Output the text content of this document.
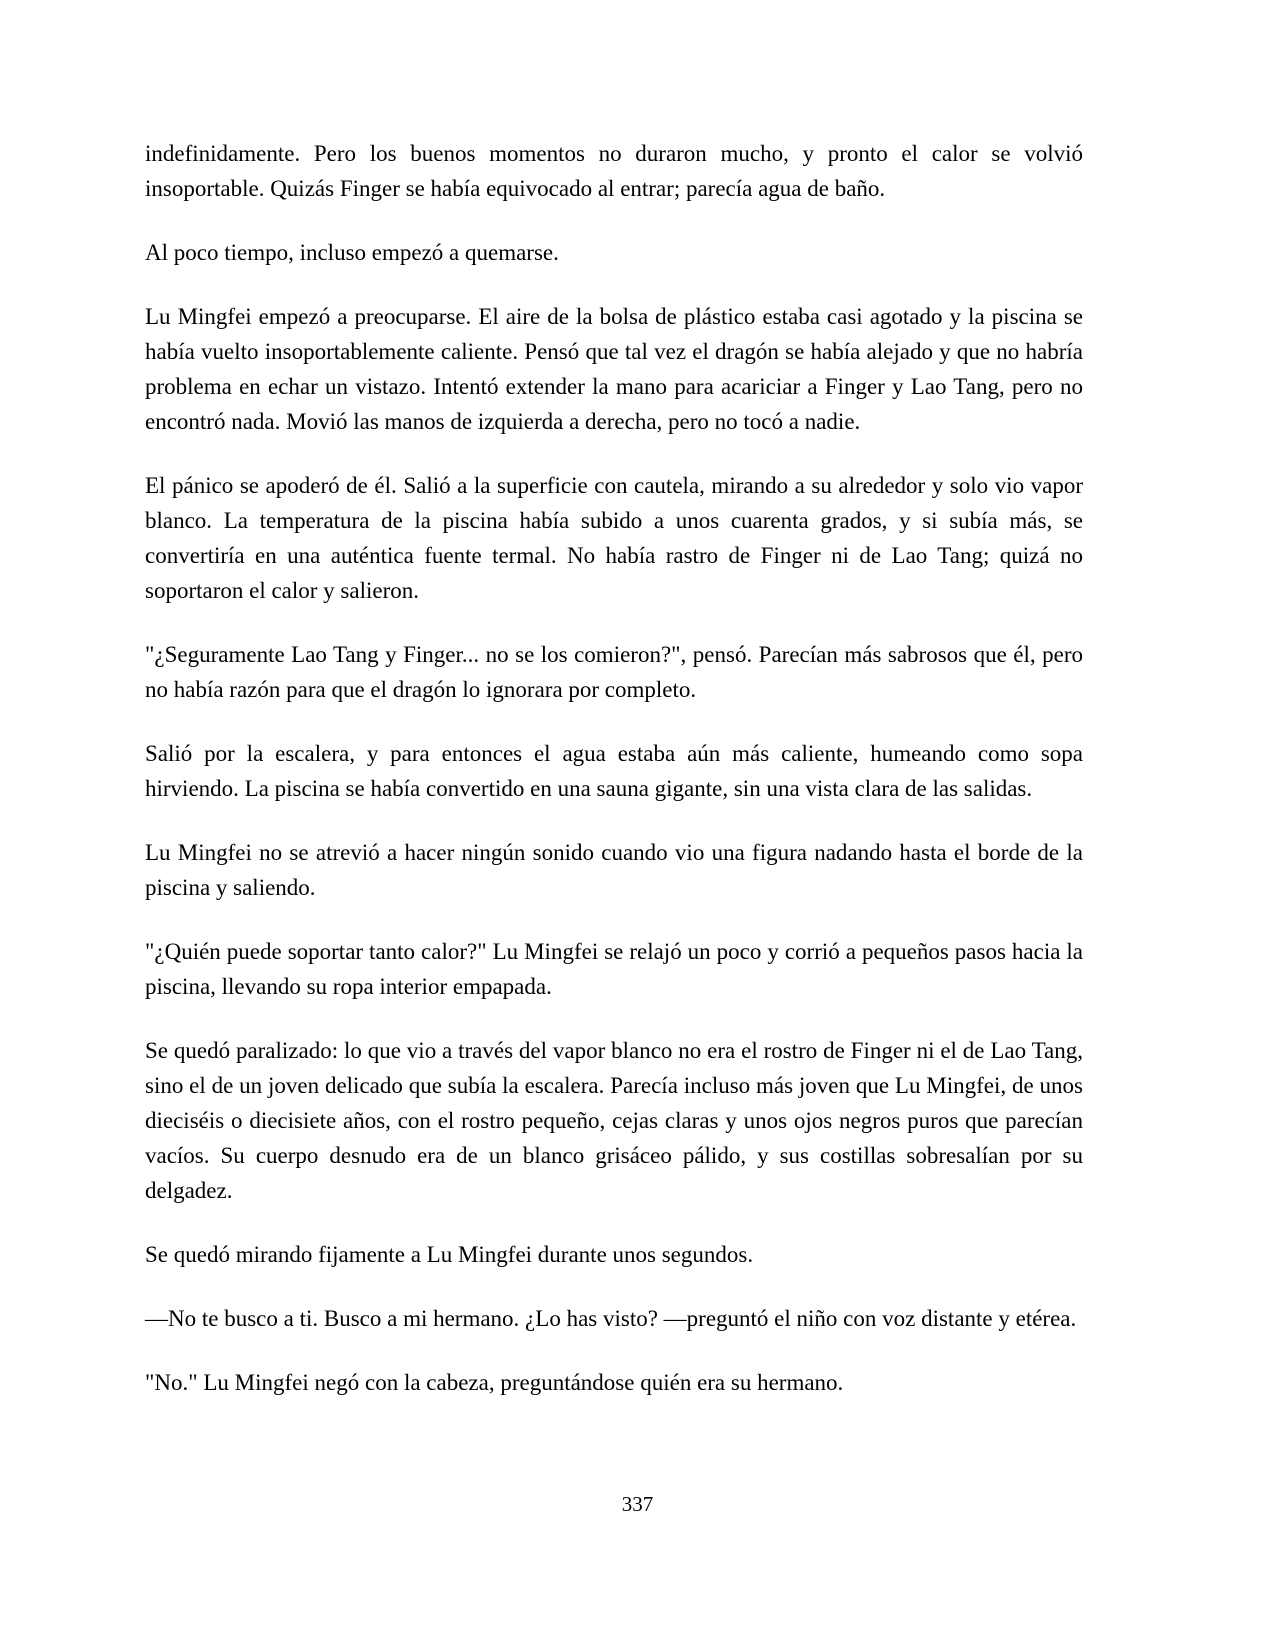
indefinidamente. Pero los buenos momentos no duraron mucho, y pronto el calor se volvió insoportable. Quizás Finger se había equivocado al entrar; parecía agua de baño.

Al poco tiempo, incluso empezó a quemarse.

Lu Mingfei empezó a preocuparse. El aire de la bolsa de plástico estaba casi agotado y la piscina se había vuelto insoportablemente caliente. Pensó que tal vez el dragón se había alejado y que no habría problema en echar un vistazo. Intentó extender la mano para acariciar a Finger y Lao Tang, pero no encontró nada. Movió las manos de izquierda a derecha, pero no tocó a nadie.

El pánico se apoderó de él. Salió a la superficie con cautela, mirando a su alrededor y solo vio vapor blanco. La temperatura de la piscina había subido a unos cuarenta grados, y si subía más, se convertiría en una auténtica fuente termal. No había rastro de Finger ni de Lao Tang; quizá no soportaron el calor y salieron.

"¿Seguramente Lao Tang y Finger... no se los comieron?", pensó. Parecían más sabrosos que él, pero no había razón para que el dragón lo ignorara por completo.

Salió por la escalera, y para entonces el agua estaba aún más caliente, humeando como sopa hirviendo. La piscina se había convertido en una sauna gigante, sin una vista clara de las salidas.

Lu Mingfei no se atrevió a hacer ningún sonido cuando vio una figura nadando hasta el borde de la piscina y saliendo.

"¿Quién puede soportar tanto calor?" Lu Mingfei se relajó un poco y corrió a pequeños pasos hacia la piscina, llevando su ropa interior empapada.

Se quedó paralizado: lo que vio a través del vapor blanco no era el rostro de Finger ni el de Lao Tang, sino el de un joven delicado que subía la escalera. Parecía incluso más joven que Lu Mingfei, de unos dieciséis o diecisiete años, con el rostro pequeño, cejas claras y unos ojos negros puros que parecían vacíos. Su cuerpo desnudo era de un blanco grisáceo pálido, y sus costillas sobresalían por su delgadez.

Se quedó mirando fijamente a Lu Mingfei durante unos segundos.

—No te busco a ti. Busco a mi hermano. ¿Lo has visto? —preguntó el niño con voz distante y etérea.

"No." Lu Mingfei negó con la cabeza, preguntándose quién era su hermano.

337
